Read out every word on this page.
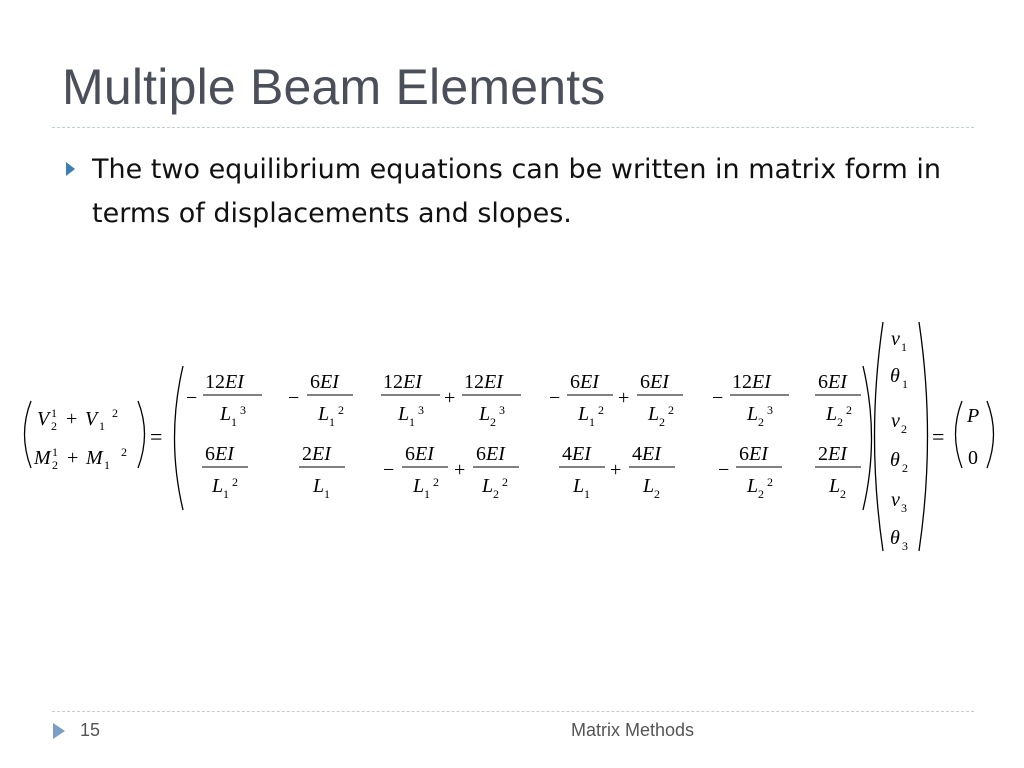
Multiple Beam Elements
The two equilibrium equations can be written in matrix form in terms of displacements and slopes.
V 1
2 + V 2
1
M 1
2 + M 2
1
=
−
12EI
L 1
3
−
6EI
L 1
2
12EI
L 1
3
+
12EI
L 2
3
−
6EI
L 1
2
+
6EI
L 2
2
−
12EI
L 2
3
6EI
L 2
2
6EI
L 1
2
2EI
L 1
−
6EI
L 1
2
+
6EI
L 2
2
4EI
L 1
+
4EI
L 2
−
6EI
L 2
2
2EI
L 2
v 1
θ 1
v 2
θ 2
v 3
θ 3
=
P
0
15	Matrix Methods
